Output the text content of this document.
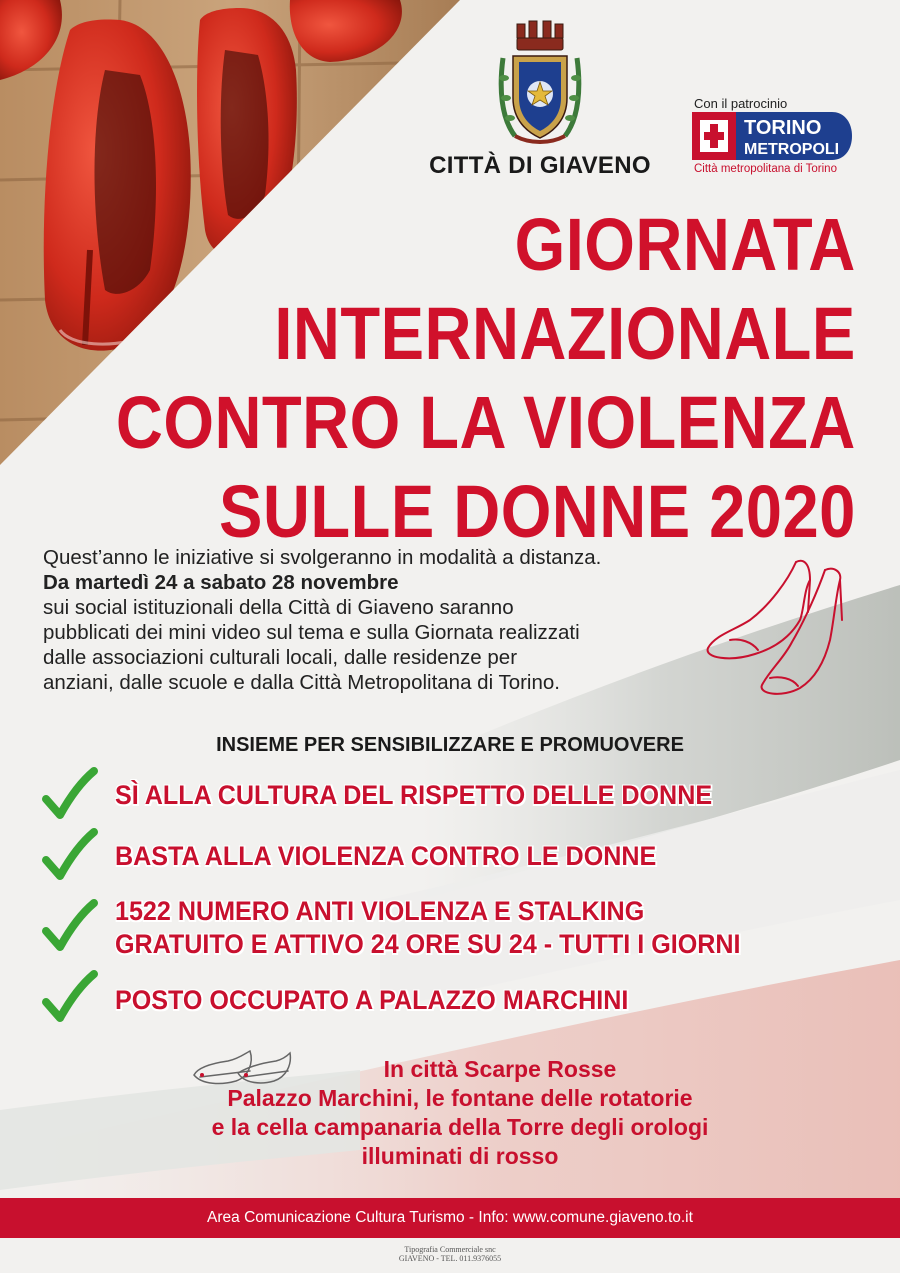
CITTÀ DI GIAVENO
Con il patrocinio
TORINO
METROPOLI
Città metropolitana di Torino
GIORNATA
INTERNAZIONALE
CONTRO LA VIOLENZA
SULLE DONNE 2020
Quest’anno le iniziative si svolgeranno in modalità a distanza.
Da martedì 24 a sabato 28 novembre
sui social istituzionali della Città di Giaveno saranno
pubblicati dei mini video sul tema e sulla Giornata realizzati
dalle associazioni culturali locali, dalle residenze per
anziani, dalle scuole e dalla Città Metropolitana di Torino.
INSIEME PER SENSIBILIZZARE E PROMUOVERE
SÌ ALLA CULTURA DEL RISPETTO DELLE DONNE
BASTA ALLA VIOLENZA CONTRO LE DONNE
1522 NUMERO ANTI VIOLENZA E STALKING
GRATUITO E ATTIVO 24 ORE SU 24 - TUTTI I GIORNI
POSTO OCCUPATO A PALAZZO MARCHINI
In città Scarpe Rosse
Palazzo Marchini, le fontane delle rotatorie
e la cella campanaria della Torre degli orologi
illuminati di rosso
Area Comunicazione Cultura Turismo - Info: www.comune.giaveno.to.it
Tipografia Commerciale snc
GIAVENO - TEL. 011.9376055
